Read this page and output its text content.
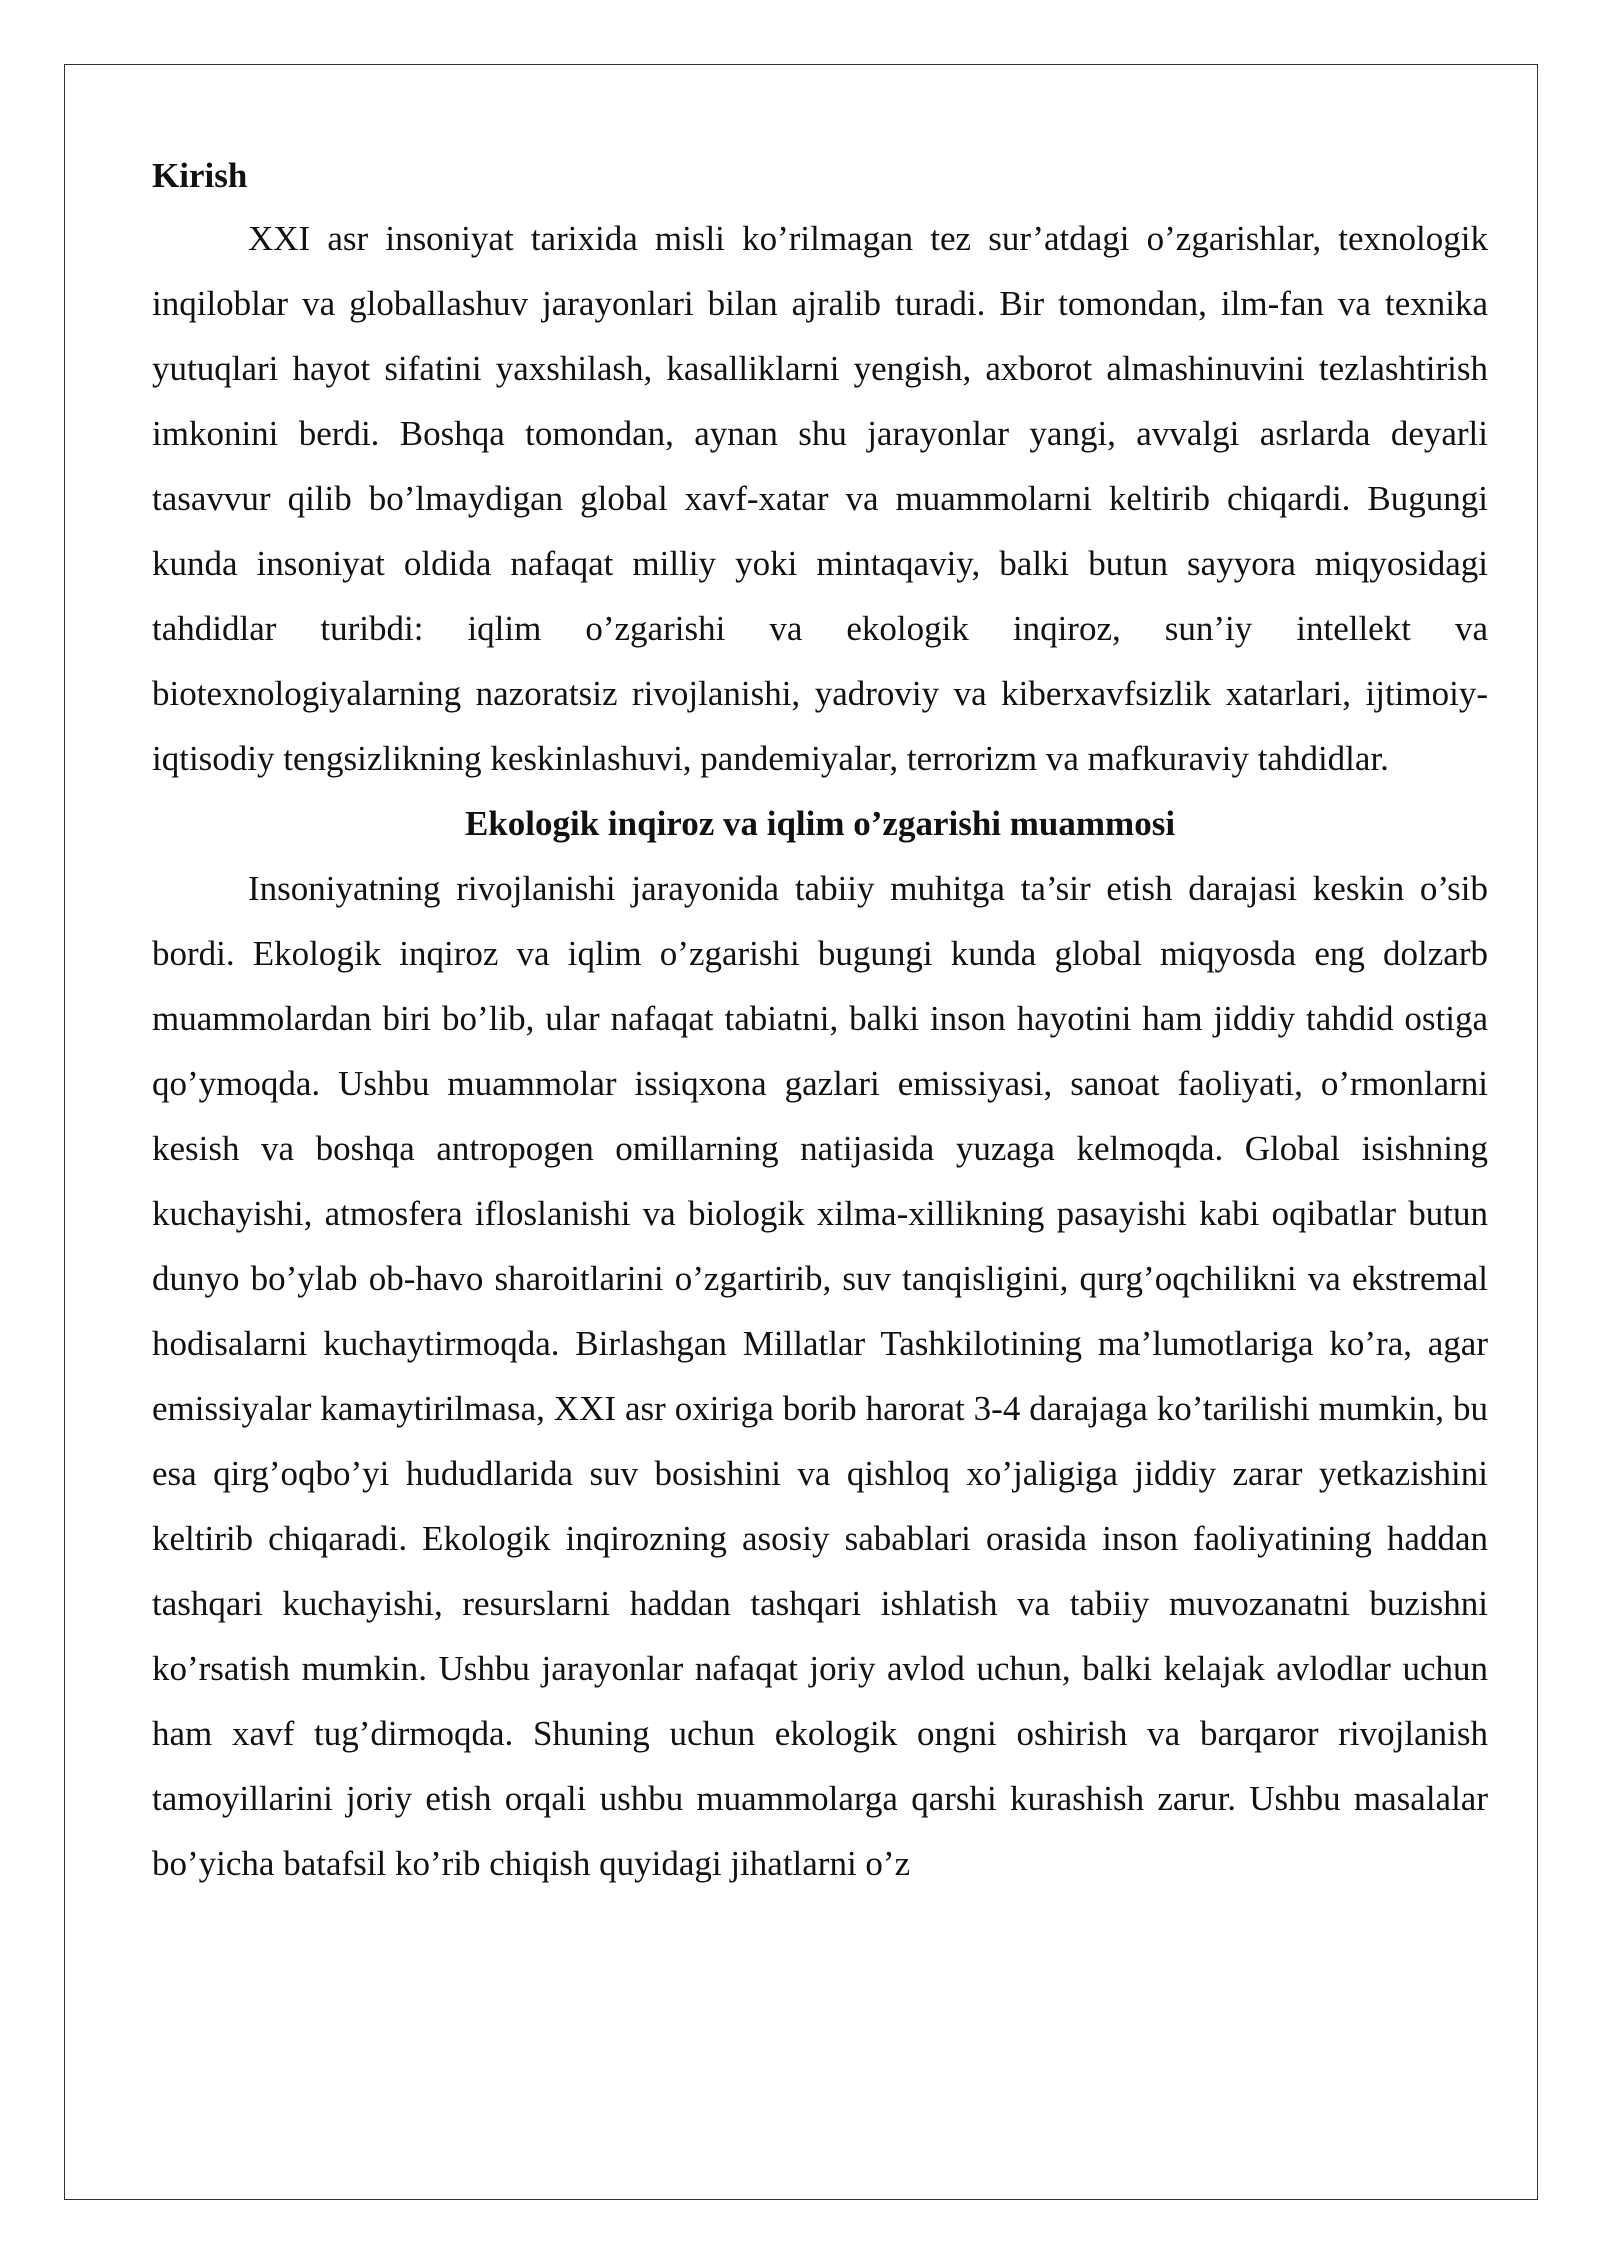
Kirish

XXI asr insoniyat tarixida misli ko’rilmagan tez sur’atdagi o’zgarishlar, texnologik inqiloblar va globallashuv jarayonlari bilan ajralib turadi. Bir tomondan, ilm-fan va texnika yutuqlari hayot sifatini yaxshilash, kasalliklarni yengish, axborot almashinuvini tezlashtirish imkonini berdi. Boshqa tomondan, aynan shu jarayonlar yangi, avvalgi asrlarda deyarli tasavvur qilib bo’lmaydigan global xavf-xatar va muammolarni keltirib chiqardi. Bugungi kunda insoniyat oldida nafaqat milliy yoki mintaqaviy, balki butun sayyora miqyosidagi tahdidlar turibdi: iqlim o’zgarishi va ekologik inqiroz, sun’iy intellekt va biotexnologiyalarning nazoratsiz rivojlanishi, yadroviy va kiberxavfsizlik xatarlari, ijtimoiy-iqtisodiy tengsizlikning keskinlashuvi, pandemiyalar, terrorizm va mafkuraviy tahdidlar.

Ekologik inqiroz va iqlim o’zgarishi muammosi

Insoniyatning rivojlanishi jarayonida tabiiy muhitga ta’sir etish darajasi keskin o’sib bordi. Ekologik inqiroz va iqlim o’zgarishi bugungi kunda global miqyosda eng dolzarb muammolardan biri bo’lib, ular nafaqat tabiatni, balki inson hayotini ham jiddiy tahdid ostiga qo’ymoqda. Ushbu muammolar issiqxona gazlari emissiyasi, sanoat faoliyati, o’rmonlarni kesish va boshqa antropogen omillarning natijasida yuzaga kelmoqda. Global isishning kuchayishi, atmosfera ifloslanishi va biologik xilma-xillikning pasayishi kabi oqibatlar butun dunyo bo’ylab ob-havo sharoitlarini o’zgartirib, suv tanqisligini, qurg’oqchilikni va ekstremal hodisalarni kuchaytirmoqda. Birlashgan Millatlar Tashkilotining ma’lumotlariga ko’ra, agar emissiyalar kamaytirilmasa, XXI asr oxiriga borib harorat 3-4 darajaga ko’tarilishi mumkin, bu esa qirg’oqbo’yi hududlarida suv bosishini va qishloq xo’jaligiga jiddiy zarar yetkazishini keltirib chiqaradi. Ekologik inqirozning asosiy sabablari orasida inson faoliyatining haddan tashqari kuchayishi, resurslarni haddan tashqari ishlatish va tabiiy muvozanatni buzishni ko’rsatish mumkin. Ushbu jarayonlar nafaqat joriy avlod uchun, balki kelajak avlodlar uchun ham xavf tug’dirmoqda. Shuning uchun ekologik ongni oshirish va barqaror rivojlanish tamoyillarini joriy etish orqali ushbu muammolarga qarshi kurashish zarur. Ushbu masalalar bo’yicha batafsil ko’rib chiqish quyidagi jihatlarni o’z
